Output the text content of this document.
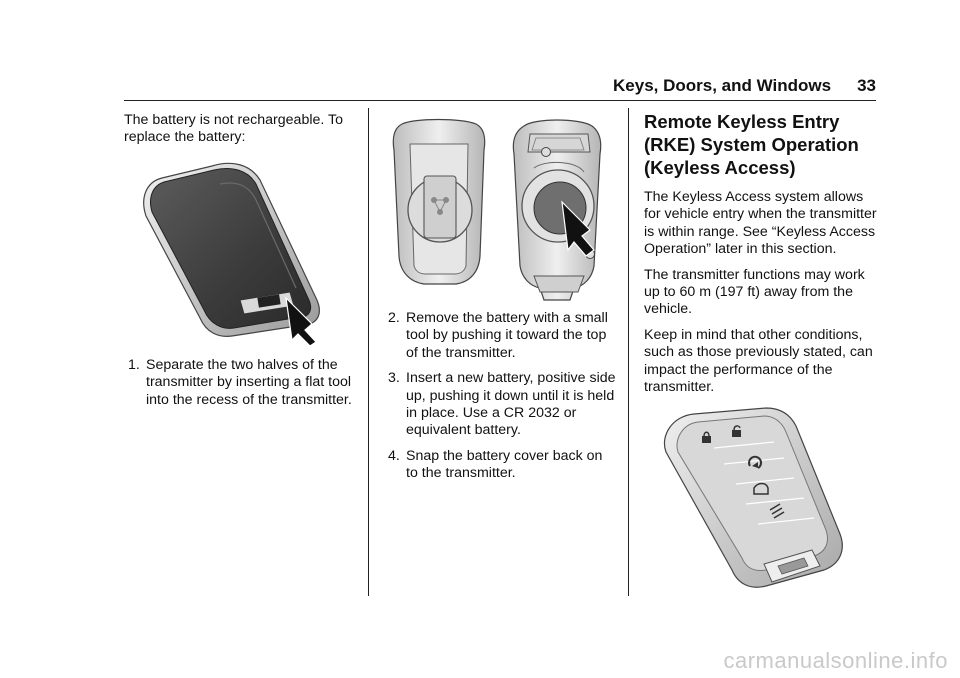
Keys, Doors, and Windows 33

The battery is not rechargeable. To replace the battery:

1. Separate the two halves of the transmitter by inserting a flat tool into the recess of the transmitter.
2. Remove the battery with a small tool by pushing it toward the top of the transmitter.
3. Insert a new battery, positive side up, pushing it down until it is held in place. Use a CR 2032 or equivalent battery.
4. Snap the battery cover back on to the transmitter.
Remote Keyless Entry (RKE) System Operation (Keyless Access)

The Keyless Access system allows for vehicle entry when the transmitter is within range. See “Keyless Access Operation” later in this section.

The transmitter functions may work up to 60 m (197 ft) away from the vehicle.

Keep in mind that other conditions, such as those previously stated, can impact the performance of the transmitter.

carmanualsonline.info
